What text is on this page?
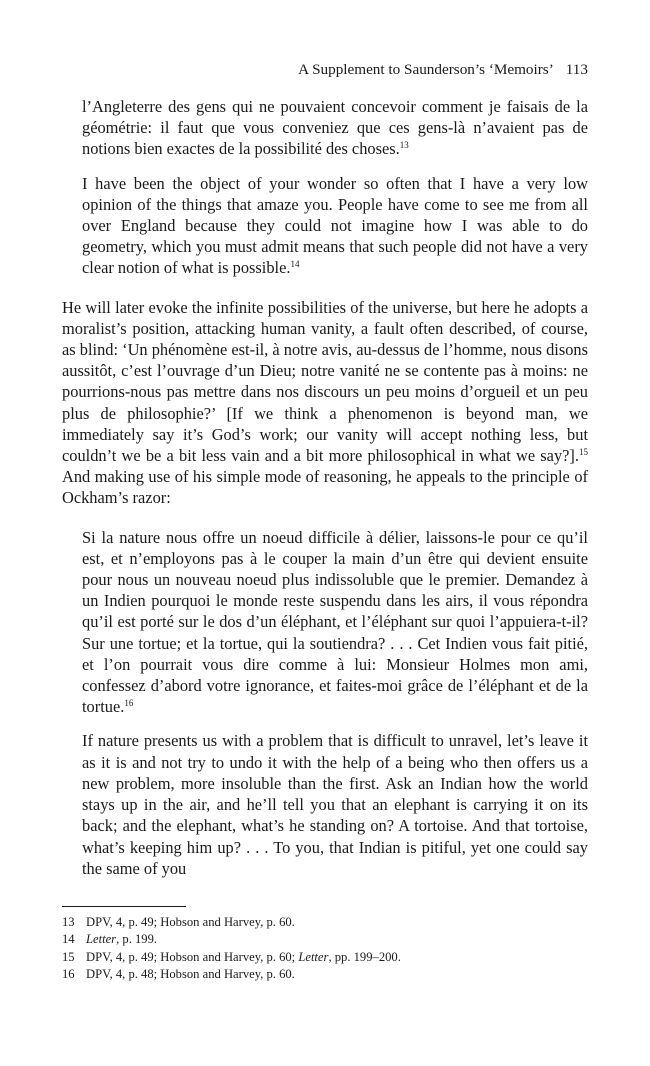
A Supplement to Saunderson’s ‘Memoirs’ 113

l’Angleterre des gens qui ne pouvaient concevoir comment je faisais de la géométrie: il faut que vous conveniez que ces gens-là n’avaient pas de notions bien exactes de la possibilité des choses.$^{13}$

I have been the object of your wonder so often that I have a very low opinion of the things that amaze you. People have come to see me from all over England because they could not imagine how I was able to do geometry, which you must admit means that such people did not have a very clear notion of what is possible.$^{14}$

He will later evoke the infinite possibilities of the universe, but here he adopts a moralist’s position, attacking human vanity, a fault often described, of course, as blind: ‘Un phénomène est-il, à notre avis, au-dessus de l’homme, nous disons aussitôt, c’est l’ouvrage d’un Dieu; notre vanité ne se contente pas à moins: ne pourrions-nous pas mettre dans nos discours un peu moins d’orgueil et un peu plus de philosophie?’ [If we think a phenomenon is beyond man, we immediately say it’s God’s work; our vanity will accept nothing less, but couldn’t we be a bit less vain and a bit more philosophical in what we say?].$^{15}$ And making use of his simple mode of reasoning, he appeals to the principle of Ockham’s razor:

Si la nature nous offre un noeud difficile à délier, laissons-le pour ce qu’il est, et n’employons pas à le couper la main d’un être qui devient ensuite pour nous un nouveau noeud plus indissoluble que le premier. Demandez à un Indien pourquoi le monde reste suspendu dans les airs, il vous répondra qu’il est porté sur le dos d’un éléphant, et l’éléphant sur quoi l’appuiera-t-il? Sur une tortue; et la tortue, qui la soutiendra? . . . Cet Indien vous fait pitié, et l’on pourrait vous dire comme à lui: Monsieur Holmes mon ami, confessez d’abord votre ignorance, et faites-moi grâce de l’éléphant et de la tortue.$^{16}$

If nature presents us with a problem that is difficult to unravel, let’s leave it as it is and not try to undo it with the help of a being who then offers us a new problem, more insoluble than the first. Ask an Indian how the world stays up in the air, and he’ll tell you that an elephant is carrying it on its back; and the elephant, what’s he standing on? A tortoise. And that tortoise, what’s keeping him up? . . . To you, that Indian is pitiful, yet one could say the same of you

13 DPV, 4, p. 49; Hobson and Harvey, p. 60.
14 Letter, p. 199.
15 DPV, 4, p. 49; Hobson and Harvey, p. 60; Letter, pp. 199–200.
16 DPV, 4, p. 48; Hobson and Harvey, p. 60.
